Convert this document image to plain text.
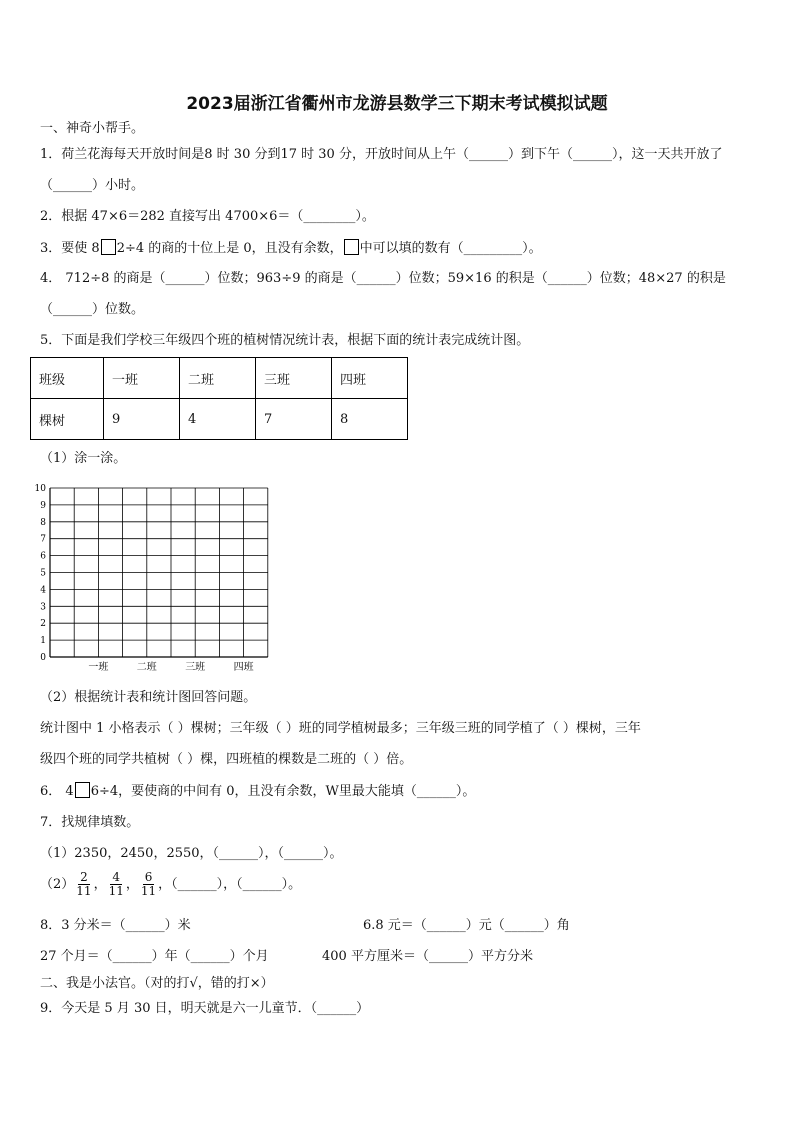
2023届浙江省衢州市龙游县数学三下期末考试模拟试题
一、神奇小帮手。
1．荷兰花海每天开放时间是8 时 30 分到17 时 30 分，开放时间从上午（______）到下午（______），这一天共开放了
（______）小时。
2．根据 47×6＝282 直接写出 4700×6＝（________）。
3．要使 8 2÷4 的商的十位上是 0，且没有余数， 中可以填的数有（_________）。
4． 712÷8 的商是（______）位数；963÷9 的商是（______）位数；59×16 的积是（______）位数；48×27 的积是
（______）位数。
5．下面是我们学校三年级四个班的植树情况统计表，根据下面的统计表完成统计图。
班级	一班	二班	三班	四班
棵树	9	4	7	8
（1）涂一涂。
0
1
2
3
4
5
6
7
8
9
10
一班	二班	三班	四班
（2）根据统计表和统计图回答问题。
统计图中 1 小格表示（ ）棵树；三年级（ ）班的同学植树最多；三年级三班的同学植了（ ）棵树，三年
级四个班的同学共植树（ ）棵，四班植的棵数是二班的（ ）倍。
6． 4 6÷4，要使商的中间有 0，且没有余数，W里最大能填（______）。
7．找规律填数。
（1）2350，2450，2550，（______），（______）。
$(2) \frac{2}{11}$ ， $\frac{4}{11}$ ， $\frac{6}{11}$ ，（______），（______）。
8．3 分米＝（______）米	6.8 元＝（______）元（______）角
27 个月＝（______）年（______）个月	400 平方厘米＝（______）平方分米
二、我是小法官。（对的打√，错的打×）
9．今天是 5 月 30 日，明天就是六一儿童节．（______）
